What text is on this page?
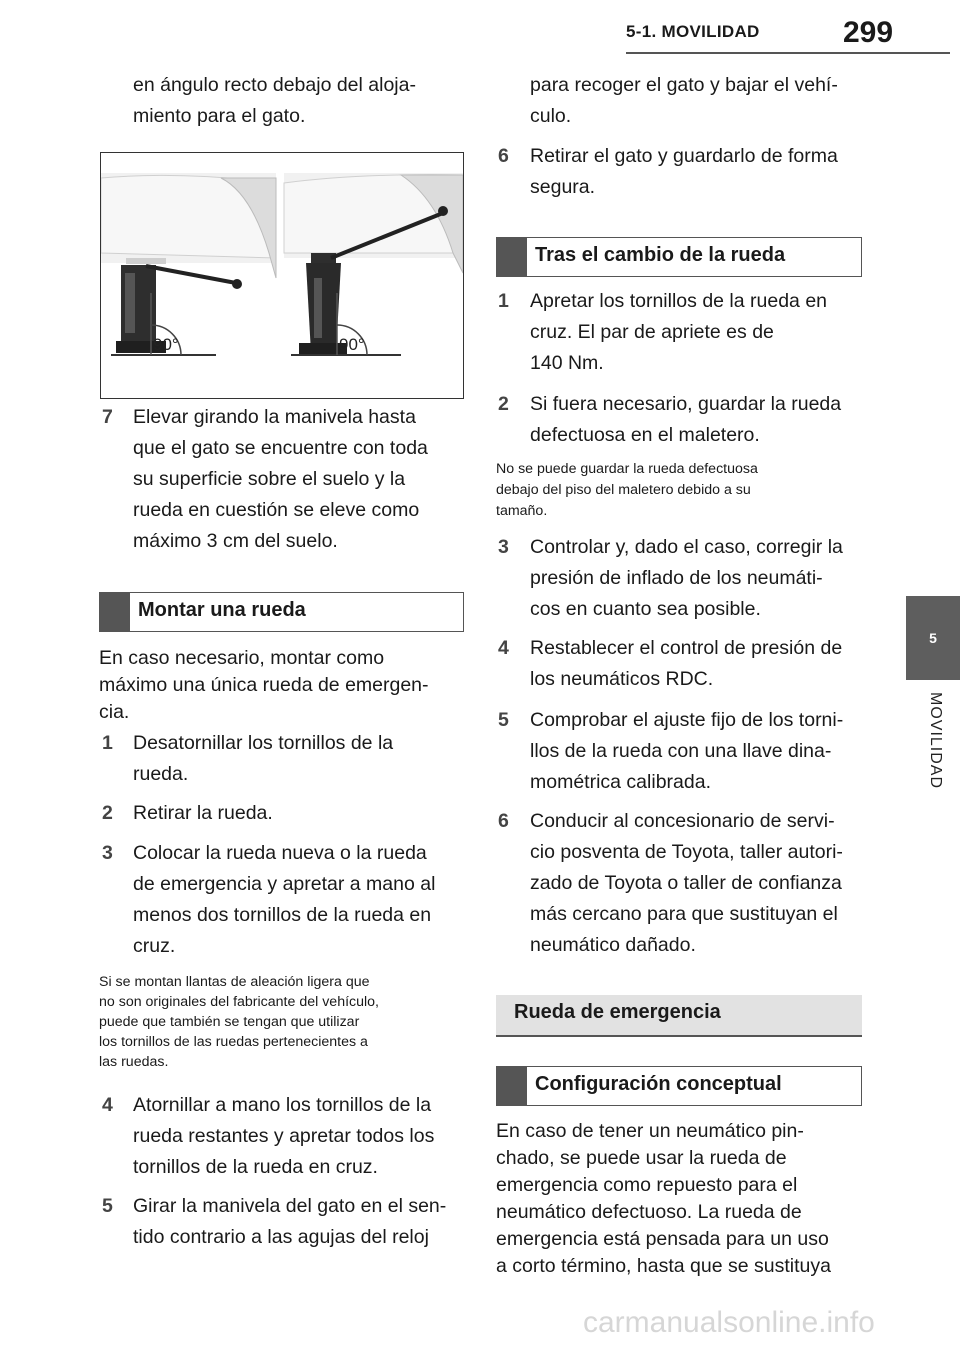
5-1. MOVILIDAD	299
5
MOVILIDAD
en ángulo recto debajo del aloja-
miento para el gato.
90°	90°
7 Elevar girando la manivela hasta
que el gato se encuentre con toda
su superficie sobre el suelo y la
rueda en cuestión se eleve como
máximo 3 cm del suelo.
Montar una rueda
En caso necesario, montar como
máximo una única rueda de emergen-
cia.
1 Desatornillar los tornillos de la
rueda.
2 Retirar la rueda.
3 Colocar la rueda nueva o la rueda
de emergencia y apretar a mano al
menos dos tornillos de la rueda en
cruz.
Si se montan llantas de aleación ligera que
no son originales del fabricante del vehículo,
puede que también se tengan que utilizar
los tornillos de las ruedas pertenecientes a
las ruedas.
4 Atornillar a mano los tornillos de la
rueda restantes y apretar todos los
tornillos de la rueda en cruz.
5 Girar la manivela del gato en el sen-
tido contrario a las agujas del reloj
para recoger el gato y bajar el vehí-
culo.
6 Retirar el gato y guardarlo de forma
segura.
Tras el cambio de la rueda
1 Apretar los tornillos de la rueda en
cruz. El par de apriete es de
140 Nm.
2 Si fuera necesario, guardar la rueda
defectuosa en el maletero.
No se puede guardar la rueda defectuosa
debajo del piso del maletero debido a su
tamaño.
3 Controlar y, dado el caso, corregir la
presión de inflado de los neumáti-
cos en cuanto sea posible.
4 Restablecer el control de presión de
los neumáticos RDC.
5 Comprobar el ajuste fijo de los torni-
llos de la rueda con una llave dina-
mométrica calibrada.
6 Conducir al concesionario de servi-
cio posventa de Toyota, taller autori-
zado de Toyota o taller de confianza
más cercano para que sustituyan el
neumático dañado.
Rueda de emergencia
Configuración conceptual
En caso de tener un neumático pin-
chado, se puede usar la rueda de
emergencia como repuesto para el
neumático defectuoso. La rueda de
emergencia está pensada para un uso
a corto término, hasta que se sustituya
carmanualsonline.info
